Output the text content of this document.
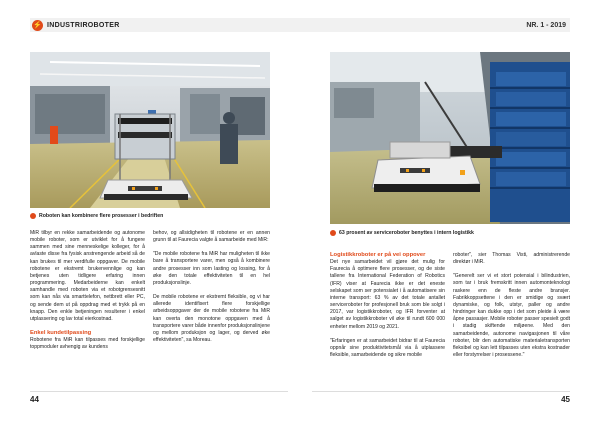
⚡ INDUSTRIROBOTER
Roboten kan kombinere flere prosesser i bedriften

MiR tilbyr en rekke samarbeidende og autonome mobile roboter, som er utviklet for å fungere sammen med sine menneskelige kolleger, for å avlaste disse fra fysisk anstrengende arbeid så de kan brukes til mer verdifulle oppgaver. De mobile robotene er ekstremt brukervennlige og kan betjenes uten tidligere erfaring innen programmering. Medarbeiderne kan enkelt samhandle med roboten via et robotgrensesnitt som kan nås via smarttelefon, nettbrett eller PC, og sende dem ut på oppdrag med et trykk på en knapp. Den enkle betjeningen resulterer i enkel utplassering og lav total eierkostnad.

Enkel kundetilpassing

Robotene fra MiR kan tilpasses med forskjellige toppmoduler avhengig av kundens

behov, og allsidigheten til robotene er en annen grunn til at Faurecia valgte å samarbeide med MiR:

"De mobile robotene fra MiR har muligheten til ikke bare å transportere varer, men også å kombinere andre prosesser inn som lasting og lossing, for å øke den totale effektiviteten til en hel produksjonslinje.

De mobile robotene er ekstremt fleksible, og vi har allerede identifisert flere forskjellige arbeidsoppgaver der de mobile robotene fra MiR kan overta den monotone oppgaven med å transportere varer både innenfor produksjonslinjene og mellom produksjon og lager, og derved øke effektiviteten", sa Moreau.

44
NR. 1 - 2019
63 prosent av serviceroboter benyttes i intern logistikk
Logistikkroboter er på vei oppover

Det nye samarbeidet vil gjøre det mulig for Faurecia å optimere flere prosesser, og de siste tallene fra International Federation of Robotics (IFR) viser at Faurecia ikke er det eneste selskapet som ser potensialet i å automatisere sin interne transport: 63 % av det totale antallet serviceroboter for profesjonell bruk som ble solgt i 2017, var logistikkroboter, og IFR forventer at salget av logistikkroboter vil øke til rundt 600 000 enheter mellom 2019 og 2021.

"Erfaringen er at samarbeidet bidrar til at Faurecia oppnår sine produktivitetsmål via å utplassere fleksible, samarbeidende og sikre mobile

roboter", sier Thomas Visti, administrerende direktør i MiR.

"Generelt ser vi et stort potensial i bilindustrien, som tar i bruk fremskritt innen automonteknologi raskere enn de fleste andre bransjer. Fabrikkoppsettene i den er smidige og svært dynamiske, og folk, utstyr, paller og andre hindringer kan dukke opp i det som pleide å være åpne passasjer. Mobile roboter passer spesielt godt i stadig skiftende miljøene. Med den samarbeidende, autonome navigasjonen til våre roboter, blir den automatiske materialetransporten fleksibel og kan lett tilpasses uten ekstra kostnader eller forstyrrelser i prosessene."

45
